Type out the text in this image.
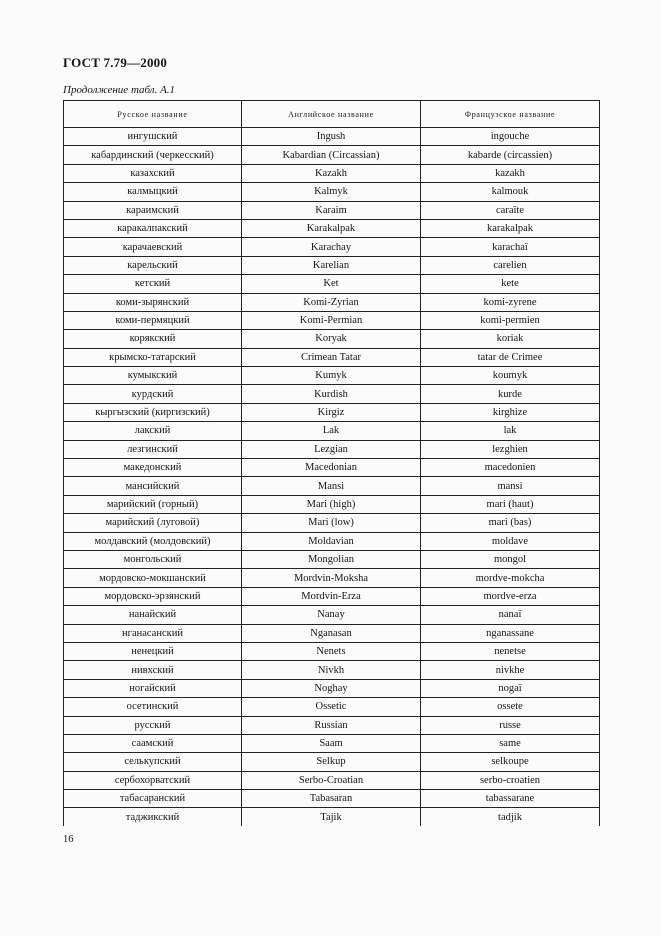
ГОСТ 7.79—2000
Продолжение табл. А.1
Русское название	Английское название	Французское название
ингушский	Ingush	ingouche
кабардинский (черкесский)	Kabardian (Circassian)	kabarde (circassien)
казахский	Kazakh	kazakh
калмыцкий	Kalmyk	kalmouk
караимский	Karaim	caraïte
каракалпакский	Karakalpak	karakalpak
карачаевский	Karachay	karachaï
карельский	Karelian	carelien
кетский	Ket	kete
коми-зырянский	Komi-Zyrian	komi-zyrene
коми-пермяцкий	Komi-Permian	komi-permien
корякский	Koryak	koriak
крымско-татарский	Crimean Tatar	tatar de Crimee
кумыкский	Kumyk	koumyk
курдский	Kurdish	kurde
кыргызский (киргизский)	Kirgiz	kirghize
лакский	Lak	lak
лезгинский	Lezgian	lezghien
македонский	Macedonian	macedonien
мансийский	Mansi	mansi
марийский (горный)	Mari (high)	mari (haut)
марийский (луговой)	Mari (low)	mari (bas)
молдавский (молдовский)	Moldavian	moldave
монгольский	Mongolian	mongol
мордовско-мокшанский	Mordvin-Moksha	mordve-mokcha
мордовско-эрзянский	Mordvin-Erza	mordve-erza
нанайский	Nanay	nanaï
нганасанский	Nganasan	nganassane
ненецкий	Nenets	nenetse
нивхский	Nivkh	nivkhe
ногайский	Noghay	nogaï
осетинский	Ossetic	ossete
русский	Russian	russe
саамский	Saam	same
селькупский	Selkup	selkoupe
сербохорватский	Serbo-Croatian	serbo-croatien
табасаранский	Tabasaran	tabassarane
таджикский	Tajik	tadjik
16
